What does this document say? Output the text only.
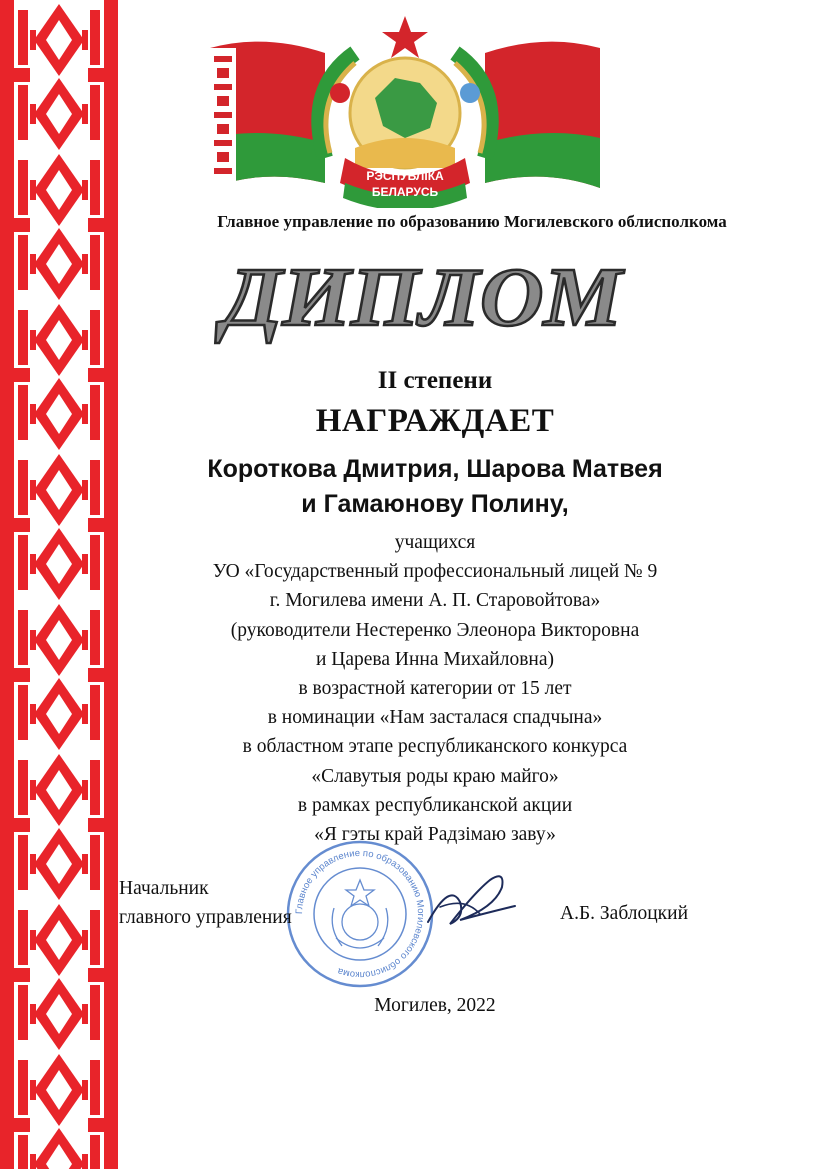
РЭСПУБЛІКА
БЕЛАРУСЬ
Главное управление по образованию Могилевского облисполкома
ДИПЛОМ
II степени
НАГРАЖДАЕТ
Короткова Дмитрия, Шарова Матвея
и Гамаюнову Полину,
учащихся
УО «Государственный профессиональный лицей № 9
г. Могилева имени А. П. Старовойтова»
(руководители Нестеренко Элеонора Викторовна
и Царева Инна Михайловна)
в возрастной категории от 15 лет
в номинации «Нам засталася спадчына»
в областном этапе республиканского конкурса
«Славутыя роды краю майго»
в рамках республиканской акции
«Я гэты край Радзімаю заву»
Главное управление по образованию Могилевского облисполкома
Начальник
главного управления	А.Б. Заблоцкий
Могилев, 2022
